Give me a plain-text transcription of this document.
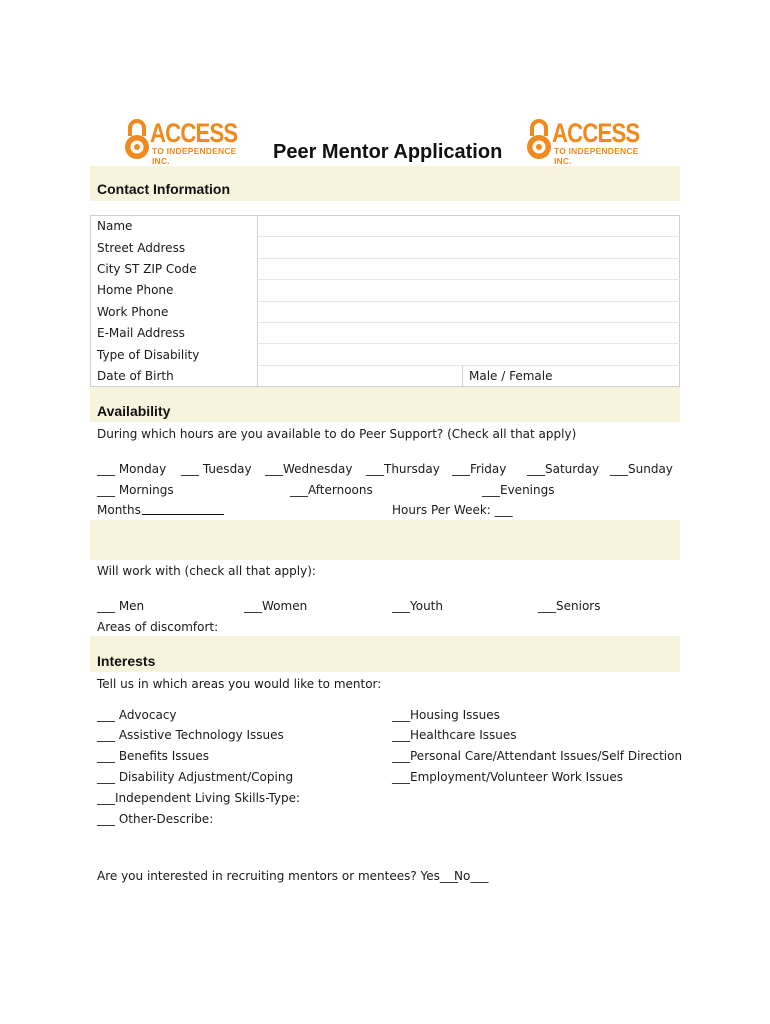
ACCESS
TO INDEPENDENCE INC.
ACCESS
TO INDEPENDENCE INC.
Peer Mentor Application
Contact Information
Name		
Street Address		
City ST ZIP Code		
Home Phone		
Work Phone		
E-Mail Address		
Type of Disability		
Date of Birth		Male / Female
Availability
During which hours are you available to do Peer Support? (Check all that apply)
___ Monday ___ Tuesday ___Wednesday ___Thursday ___Friday ___Saturday ___Sunday
___ Mornings	___Afternoons	___Evenings
Months	Hours Per Week: ___
Will work with (check all that apply):
___ Men	___Women	___Youth	___Seniors
Areas of discomfort:
Interests
Tell us in which areas you would like to mentor:
___ Advocacy
___ Assistive Technology Issues
___ Benefits Issues
___ Disability Adjustment/Coping
___Housing Issues
___Healthcare Issues
___Personal Care/Attendant Issues/Self Direction
___Employment/Volunteer Work Issues
___Independent Living Skills-Type:
___ Other-Describe:
Are you interested in recruiting mentors or mentees? Yes___
No___
